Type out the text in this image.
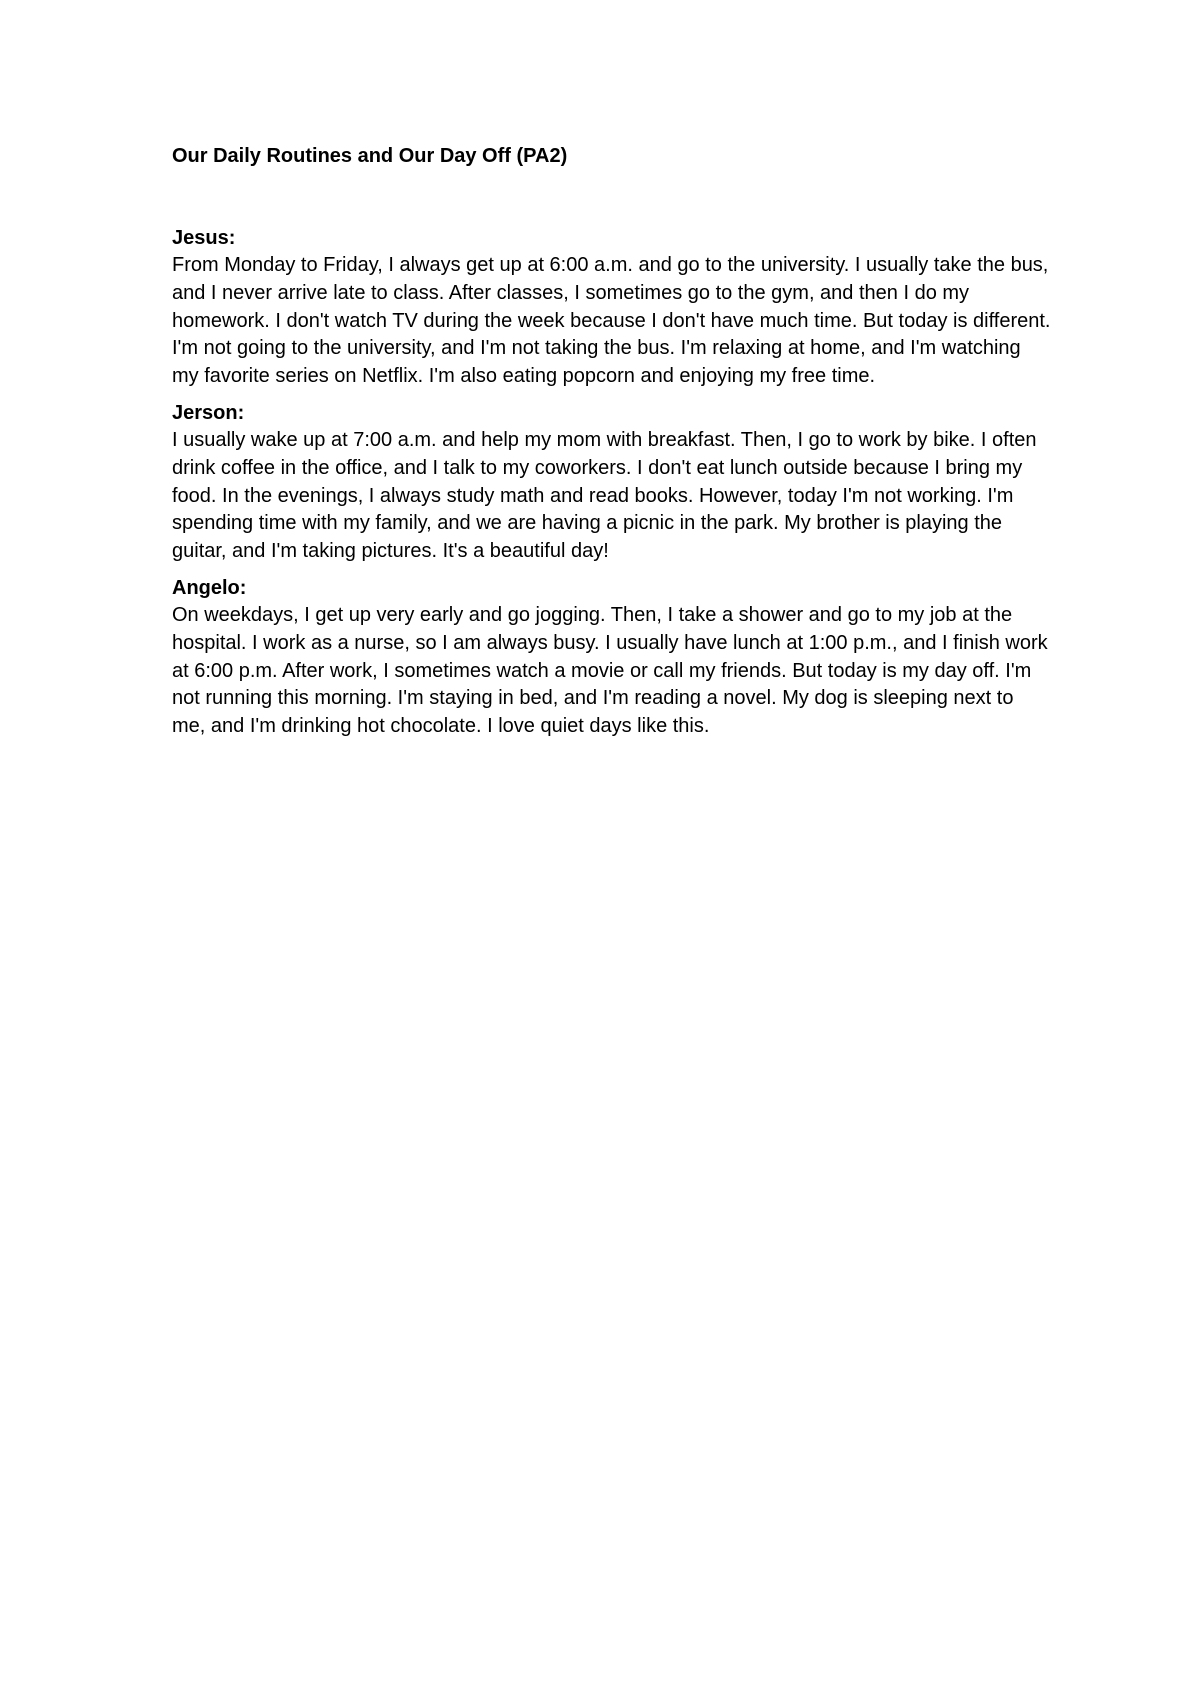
Our Daily Routines and Our Day Off (PA2)

Jesus:

From Monday to Friday, I always get up at 6:00 a.m. and go to the university. I usually take the bus, and I never arrive late to class. After classes, I sometimes go to the gym, and then I do my homework. I don't watch TV during the week because I don't have much time. But today is different. I'm not going to the university, and I'm not taking the bus. I'm relaxing at home, and I'm watching my favorite series on Netflix. I'm also eating popcorn and enjoying my free time.

Jerson:

I usually wake up at 7:00 a.m. and help my mom with breakfast. Then, I go to work by bike. I often drink coffee in the office, and I talk to my coworkers. I don't eat lunch outside because I bring my food. In the evenings, I always study math and read books. However, today I'm not working. I'm spending time with my family, and we are having a picnic in the park. My brother is playing the guitar, and I'm taking pictures. It's a beautiful day!

Angelo:

On weekdays, I get up very early and go jogging. Then, I take a shower and go to my job at the hospital. I work as a nurse, so I am always busy. I usually have lunch at 1:00 p.m., and I finish work at 6:00 p.m. After work, I sometimes watch a movie or call my friends. But today is my day off. I'm not running this morning. I'm staying in bed, and I'm reading a novel. My dog is sleeping next to me, and I'm drinking hot chocolate. I love quiet days like this.
